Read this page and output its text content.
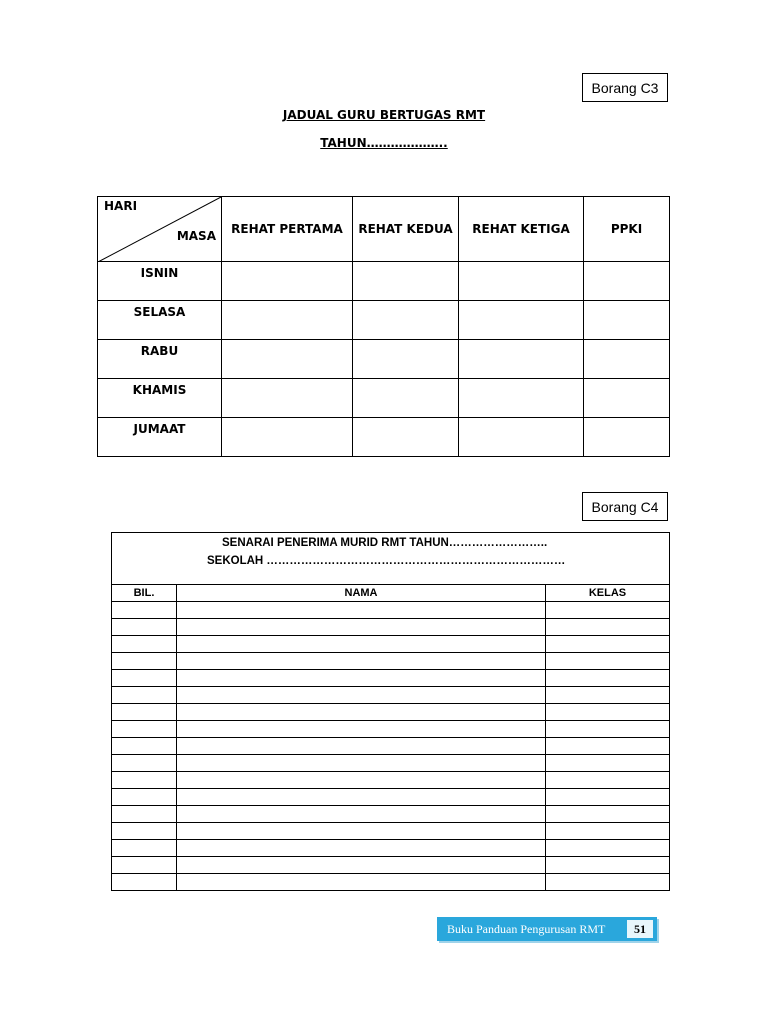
Borang C3
JADUAL GURU BERTUGAS RMT
TAHUN………………..
HARI
MASA	REHAT PERTAMA	REHAT KEDUA	REHAT KETIGA	PPKI
ISNIN				
SELASA				
RABU				
KHAMIS				
JUMAAT				
Borang C4
SENARAI PENERIMA MURID RMT TAHUN……………………..
SEKOLAH ……………………………………………………………………
BIL.	NAMA	KELAS

Buku Panduan Pengurusan RMT	51
